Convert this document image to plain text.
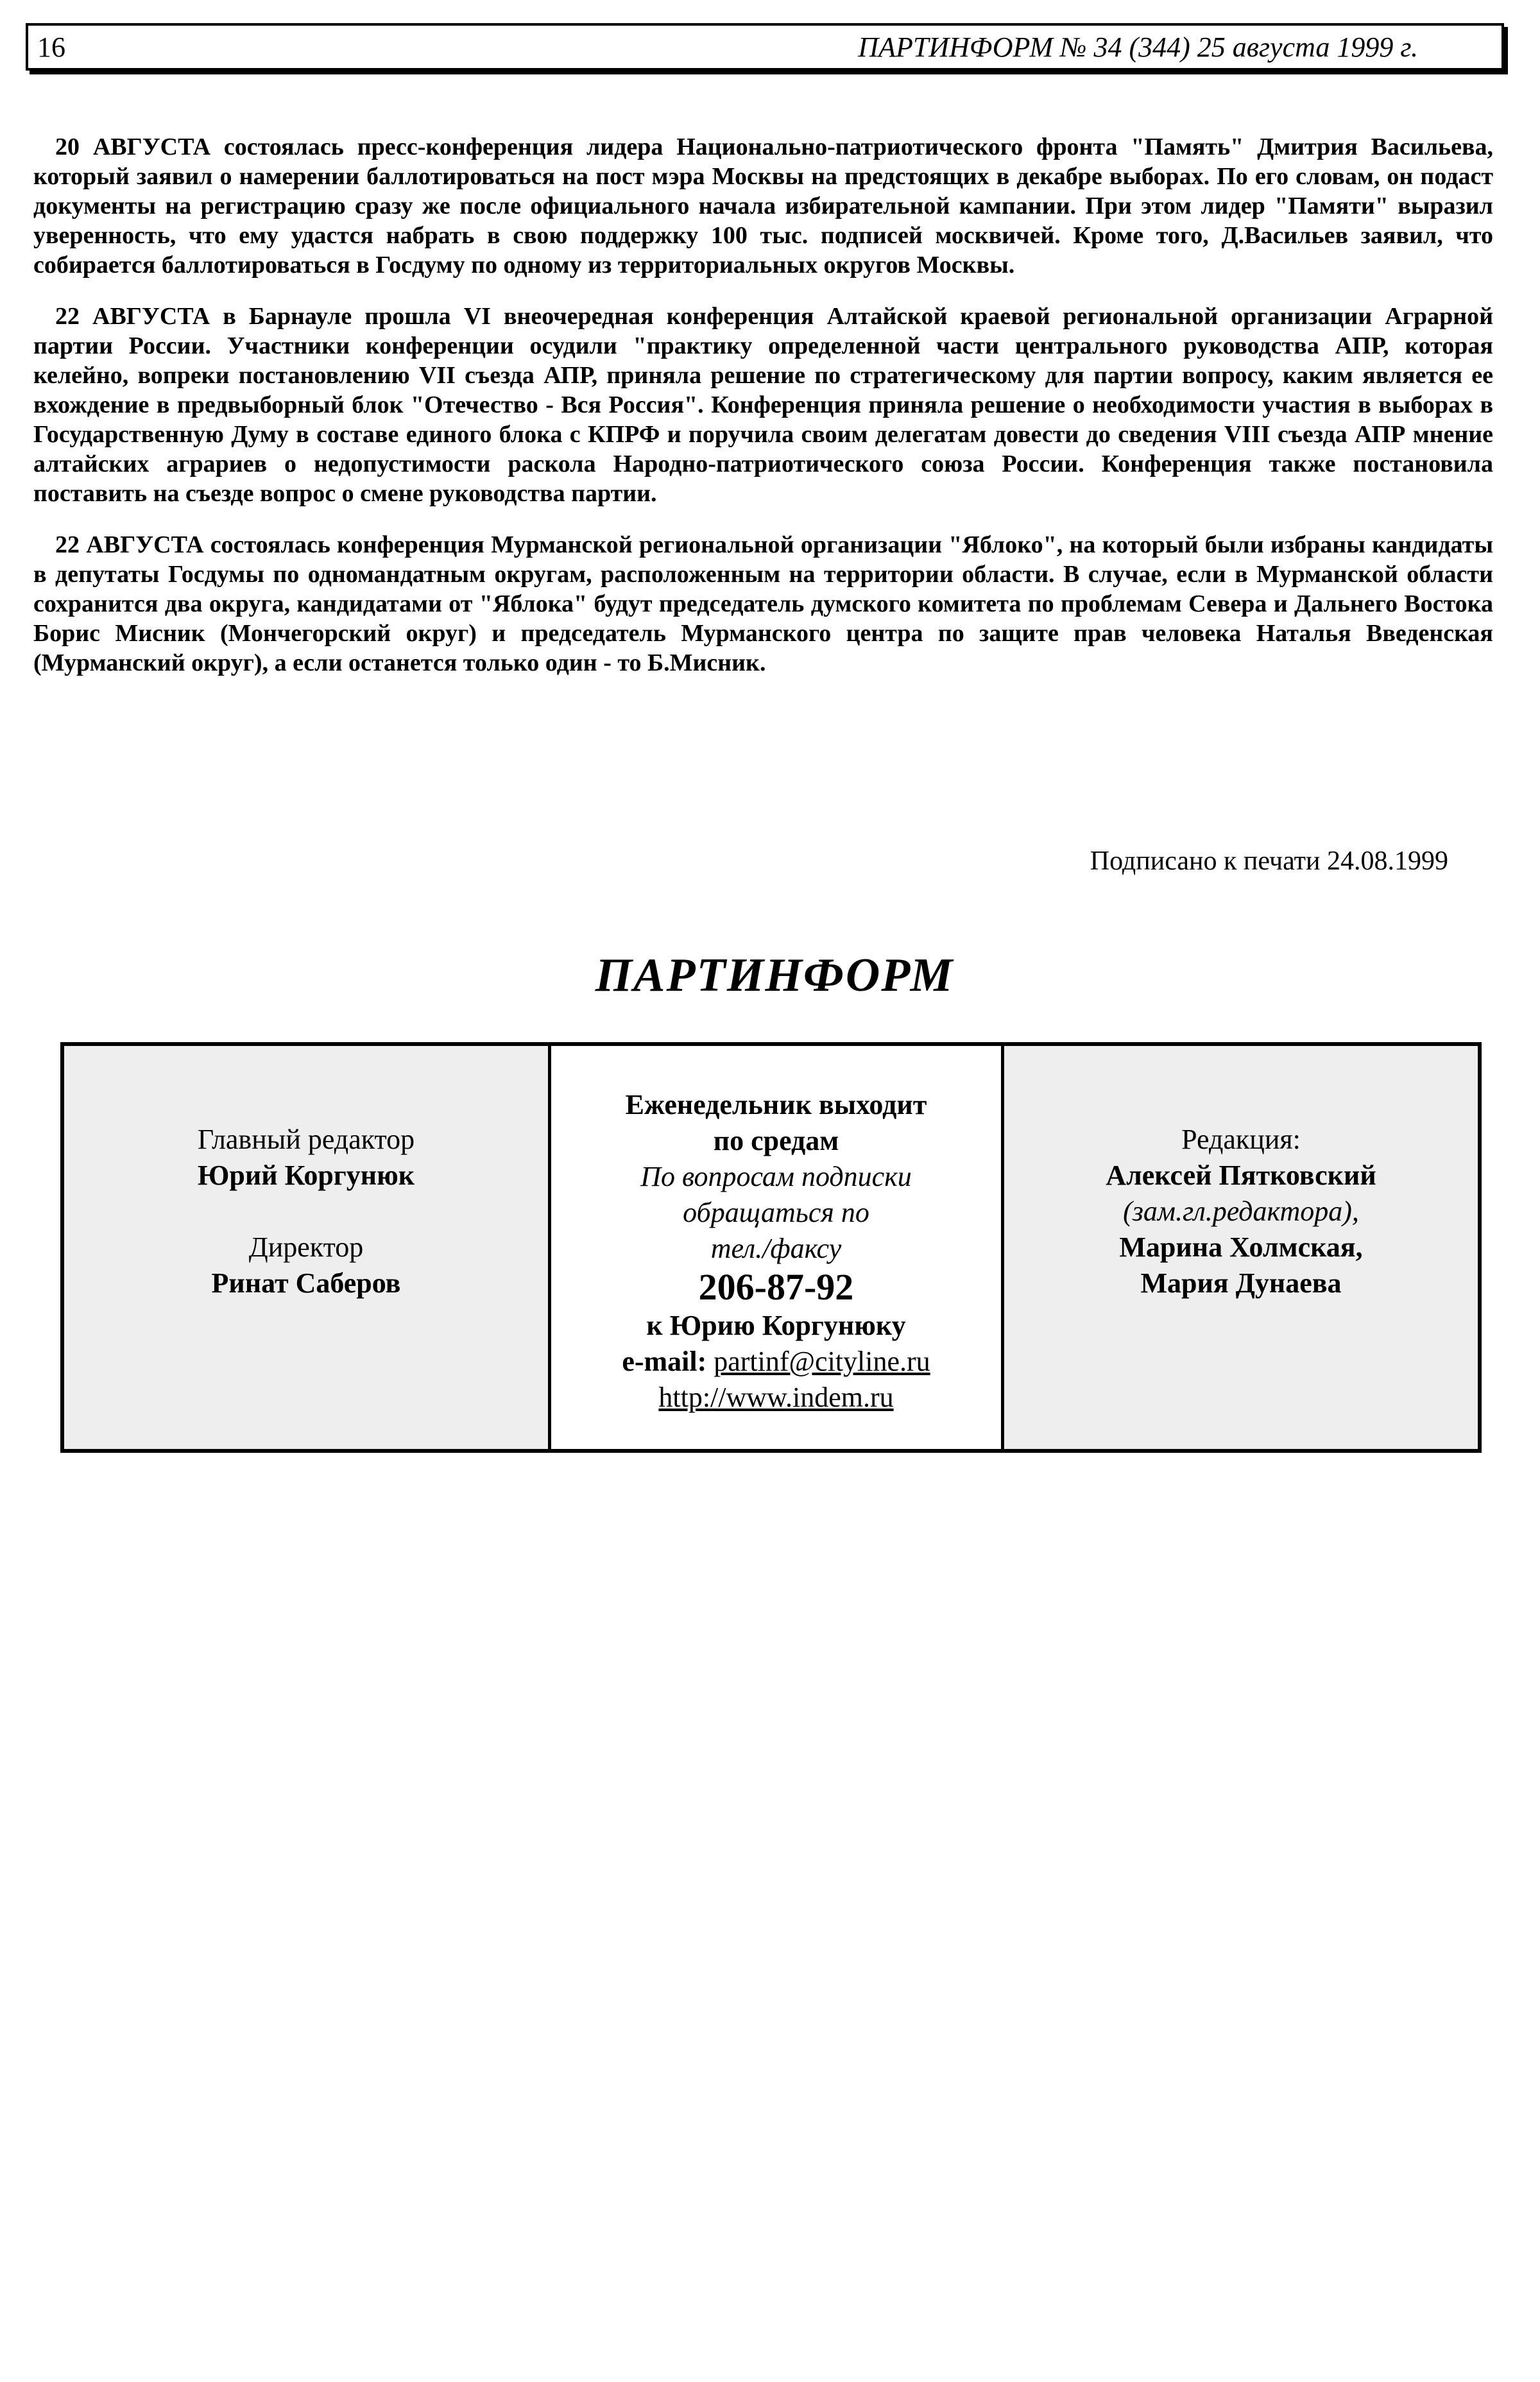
16	ПАРТИНФОРМ № 34 (344) 25 августа 1999 г.
20 АВГУСТА состоялась пресс-конференция лидера Национально-патриотического фронта "Память" Дмитрия Васильева,
который заявил о намерении баллотироваться на пост мэра Москвы на предстоящих в декабре выборах. По его словам, он подаст
документы на регистрацию сразу же после официального начала избирательной кампании. При этом лидер "Памяти" выразил
уверенность, что ему удастся набрать в свою поддержку 100 тыс. подписей москвичей. Кроме того, Д.Васильев заявил, что
собирается баллотироваться в Госдуму по одному из территориальных округов Москвы.
22 АВГУСТА в Барнауле прошла VI внеочередная конференция Алтайской краевой региональной организации Аграрной
партии России. Участники конференции осудили "практику определенной части центрального руководства АПР, которая
келейно, вопреки постановлению VII съезда АПР, приняла решение по стратегическому для партии вопросу, каким является ее
вхождение в предвыборный блок "Отечество - Вся Россия". Конференция приняла решение о необходимости участия в выборах в
Государственную Думу в составе единого блока с КПРФ и поручила своим делегатам довести до сведения VIII съезда АПР мнение
алтайских аграриев о недопустимости раскола Народно-патриотического союза России. Конференция также постановила
поставить на съезде вопрос о смене руководства партии.
22 АВГУСТА состоялась конференция Мурманской региональной организации "Яблоко", на который были избраны кандидаты
в депутаты Госдумы по одномандатным округам, расположенным на территории области. В случае, если в Мурманской области
сохранится два округа, кандидатами от "Яблока" будут председатель думского комитета по проблемам Севера и Дальнего Востока
Борис Мисник (Мончегорский округ) и председатель Мурманского центра по защите прав человека Наталья Введенская
(Мурманский округ), а если останется только один - то Б.Мисник.
Подписано к печати 24.08.1999
ПАРТИНФОРМ
Главный редактор
Юрий Коргунюк
Директор
Ринат Саберов
Еженедельник выходит
по средам
По вопросам подписки
обращаться по
тел./факсу
206-87-92
к Юрию Коргунюку
e-mail: partinf@cityline.ru
http://www.indem.ru
Редакция:
Алексей Пятковский
(зам.гл.редактора),
Марина Холмская,
Мария Дунаева
